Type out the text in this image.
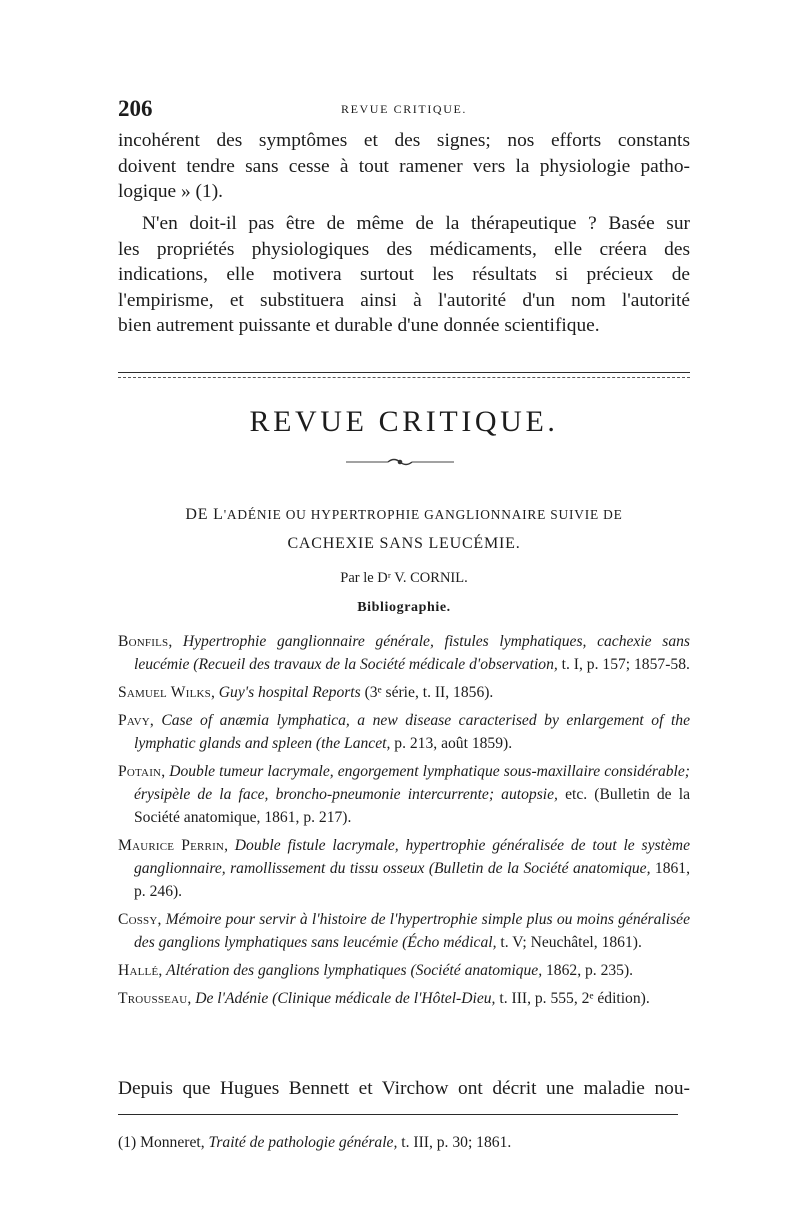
206	REVUE CRITIQUE.

incohérent des symptômes et des signes; nos efforts constants
doivent tendre sans cesse à tout ramener vers la physiologie patho-
logique » (1).

N'en doit-il pas être de même de la thérapeutique ? Basée sur
les propriétés physiologiques des médicaments, elle créera des
indications, elle motivera surtout les résultats si précieux de
l'empirisme, et substituera ainsi à l'autorité d'un nom l'autorité
bien autrement puissante et durable d'une donnée scientifique.

REVUE CRITIQUE.
DE L'ADÉNIE OU HYPERTROPHIE GANGLIONNAIRE SUIVIE DE
CACHEXIE SANS LEUCÉMIE.
Par le Dʳ V. CORNIL.
Bibliographie.

Bonfils, Hypertrophie ganglionnaire générale, fistules lymphatiques, cachexie sans leucémie (Recueil des travaux de la Société médicale d'observation, t. I, p. 157; 1857-58.

Samuel Wilks, Guy's hospital Reports (3ᵉ série, t. II, 1856).

Pavy, Case of anæmia lymphatica, a new disease caracterised by enlargement of the lymphatic glands and spleen (the Lancet, p. 213, août 1859).

Potain, Double tumeur lacrymale, engorgement lymphatique sous-maxillaire considérable; érysipèle de la face, broncho-pneumonie intercurrente; autopsie, etc. (Bulletin de la Société anatomique, 1861, p. 217).

Maurice Perrin, Double fistule lacrymale, hypertrophie généralisée de tout le système ganglionnaire, ramollissement du tissu osseux (Bulletin de la Société anatomique, 1861, p. 246).

Cossy, Mémoire pour servir à l'histoire de l'hypertrophie simple plus ou moins généralisée des ganglions lymphatiques sans leucémie (Écho médical, t. V; Neuchâtel, 1861).

Hallé, Altération des ganglions lymphatiques (Société anatomique, 1862, p. 235).

Trousseau, De l'Adénie (Clinique médicale de l'Hôtel-Dieu, t. III, p. 555, 2ᵉ édition).

Depuis que Hugues Bennett et Virchow ont décrit une maladie nou-
(1) Monneret, Traité de pathologie générale, t. III, p. 30; 1861.
